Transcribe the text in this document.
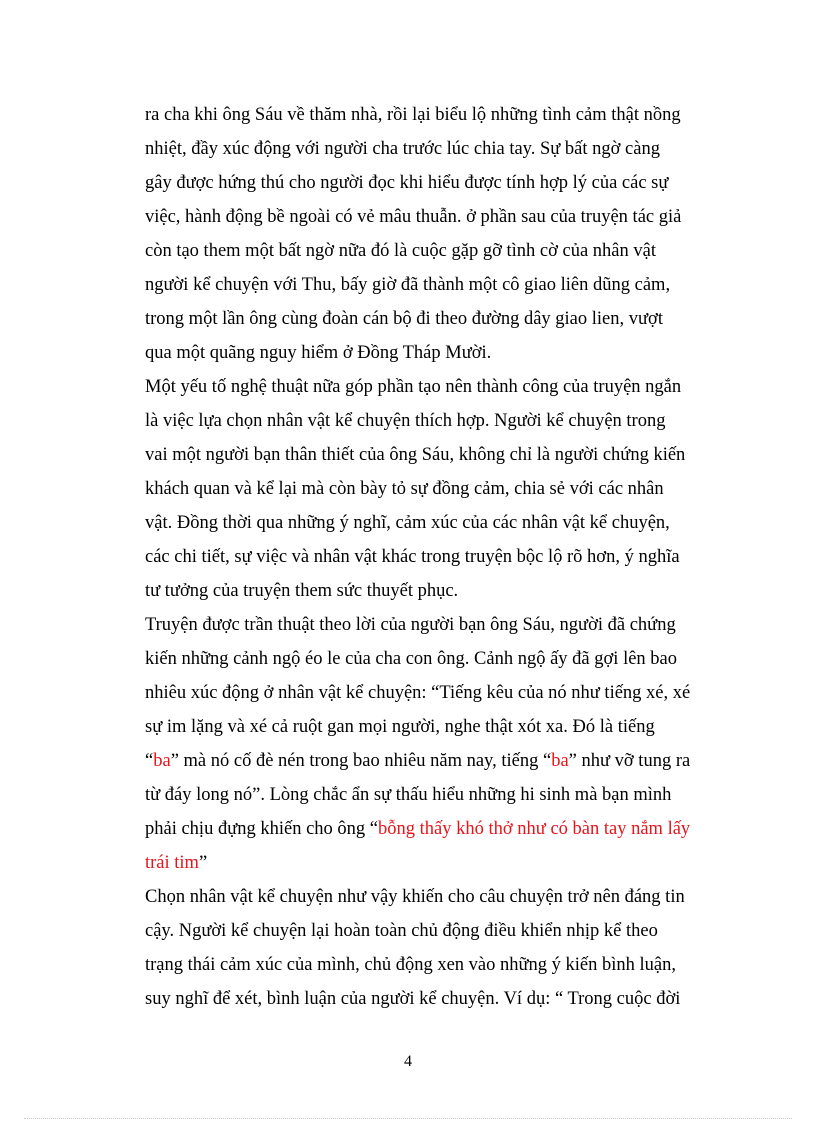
ra cha khi ông Sáu về thăm nhà, rồi lại biểu lộ những tình cảm thật nồng
nhiệt, đầy xúc động với người cha trước lúc chia tay. Sự bất ngờ càng
gây được hứng thú cho người đọc khi hiểu được tính hợp lý của các sự
việc, hành động bề ngoài có vẻ mâu thuẫn. ở phần sau của truyện tác giả
còn tạo them một bất ngờ nữa đó là cuộc gặp gỡ tình cờ của nhân vật
người kể chuyện với Thu, bấy giờ đã thành một cô giao liên dũng cảm,
trong một lần ông cùng đoàn cán bộ đi theo đường dây giao lien, vượt
qua một quãng nguy hiểm ở Đồng Tháp Mười.
Một yếu tố nghệ thuật nữa góp phần tạo nên thành công của truyện ngắn
là việc lựa chọn nhân vật kể chuyện thích hợp. Người kể chuyện trong
vai một người bạn thân thiết của ông Sáu, không chỉ là người chứng kiến
khách quan và kể lại mà còn bày tỏ sự đồng cảm, chia sẻ với các nhân
vật. Đồng thời qua những ý nghĩ, cảm xúc của các nhân vật kể chuyện,
các chi tiết, sự việc và nhân vật khác trong truyện bộc lộ rõ hơn, ý nghĩa
tư tưởng của truyện them sức thuyết phục.
Truyện được trần thuật theo lời của người bạn ông Sáu, người đã chứng
kiến những cảnh ngộ éo le của cha con ông. Cảnh ngộ ấy đã gợi lên bao
nhiêu xúc động ở nhân vật kể chuyện: “Tiếng kêu của nó như tiếng xé, xé
sự im lặng và xé cả ruột gan mọi người, nghe thật xót xa. Đó là tiếng
“ba” mà nó cố đè nén trong bao nhiêu năm nay, tiếng “ba” như vỡ tung ra
từ đáy long nó”. Lòng chắc ẩn sự thấu hiểu những hi sinh mà bạn mình
phải chịu đựng khiến cho ông “bỗng thấy khó thở như có bàn tay nắm lấy
trái tim”
Chọn nhân vật kể chuyện như vậy khiến cho câu chuyện trở nên đáng tin
cậy. Người kể chuyện lại hoàn toàn chủ động điều khiển nhịp kể theo
trạng thái cảm xúc của mình, chủ động xen vào những ý kiến bình luận,
suy nghĩ để xét, bình luận của người kể chuyện. Ví dụ: “ Trong cuộc đời
4
